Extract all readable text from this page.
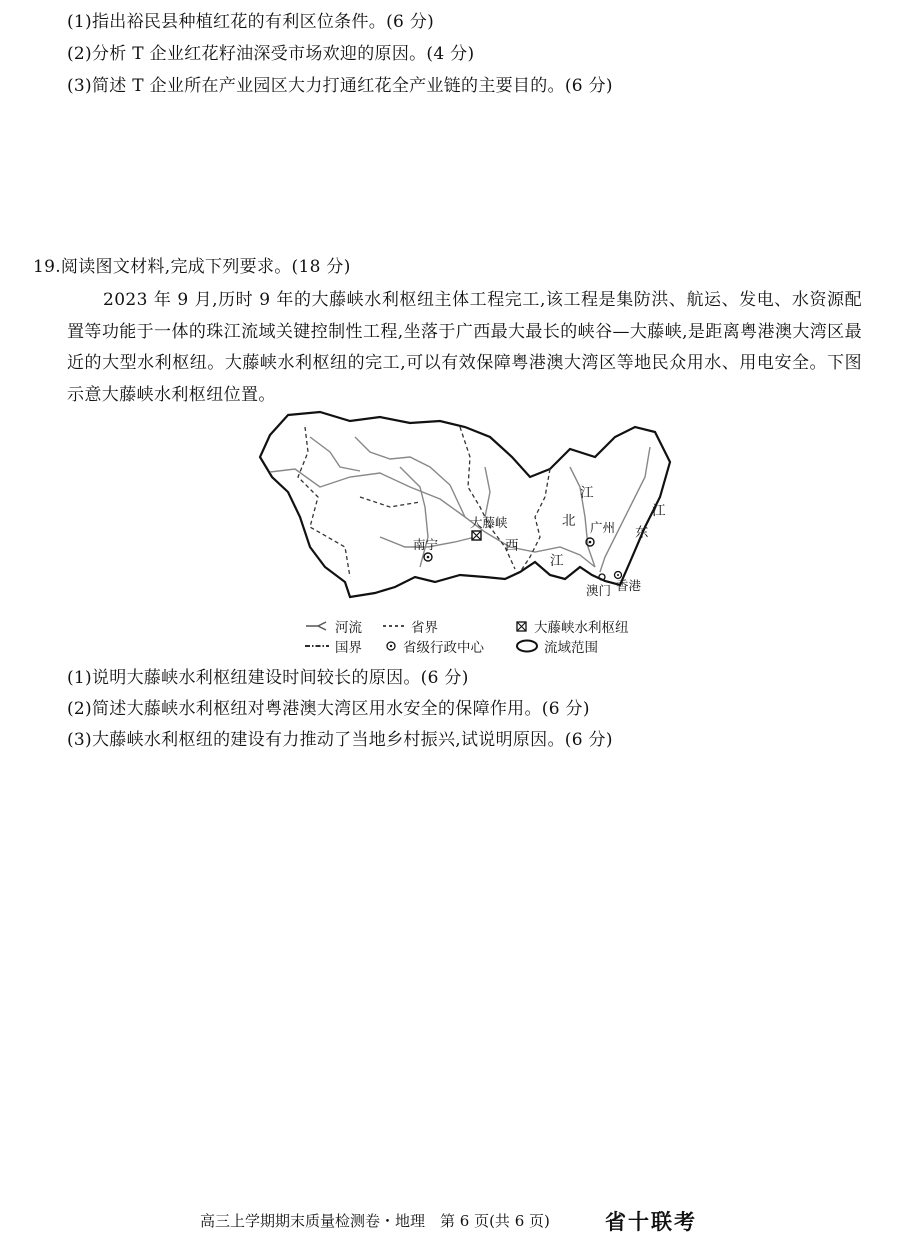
(1)指出裕民县种植红花的有利区位条件。(6 分)
(2)分析 T 企业红花籽油深受市场欢迎的原因。(4 分)
(3)简述 T 企业所在产业园区大力打通红花全产业链的主要目的。(6 分)
19.阅读图文材料,完成下列要求。(18 分)
2023 年 9 月,历时 9 年的大藤峡水利枢纽主体工程完工,该工程是集防洪、航运、发电、水资源配置等功能于一体的珠江流域关键控制性工程,坐落于广西最大最长的峡谷—大藤峡,是距离粤港澳大湾区最近的大型水利枢纽。大藤峡水利枢纽的完工,可以有效保障粤港澳大湾区等地民众用水、用电安全。下图示意大藤峡水利枢纽位置。
南宁
大藤峡
西
江
北
江
广州 东
江
澳门 香港
河流	省界	大藤峡水利枢纽
国界	省级行政中心	流域范围
(1)说明大藤峡水利枢纽建设时间较长的原因。(6 分)
(2)简述大藤峡水利枢纽对粤港澳大湾区用水安全的保障作用。(6 分)
(3)大藤峡水利枢纽的建设有力推动了当地乡村振兴,试说明原因。(6 分)
高三上学期期末质量检测卷・地理　第 6 页(共 6 页)	省十联考
